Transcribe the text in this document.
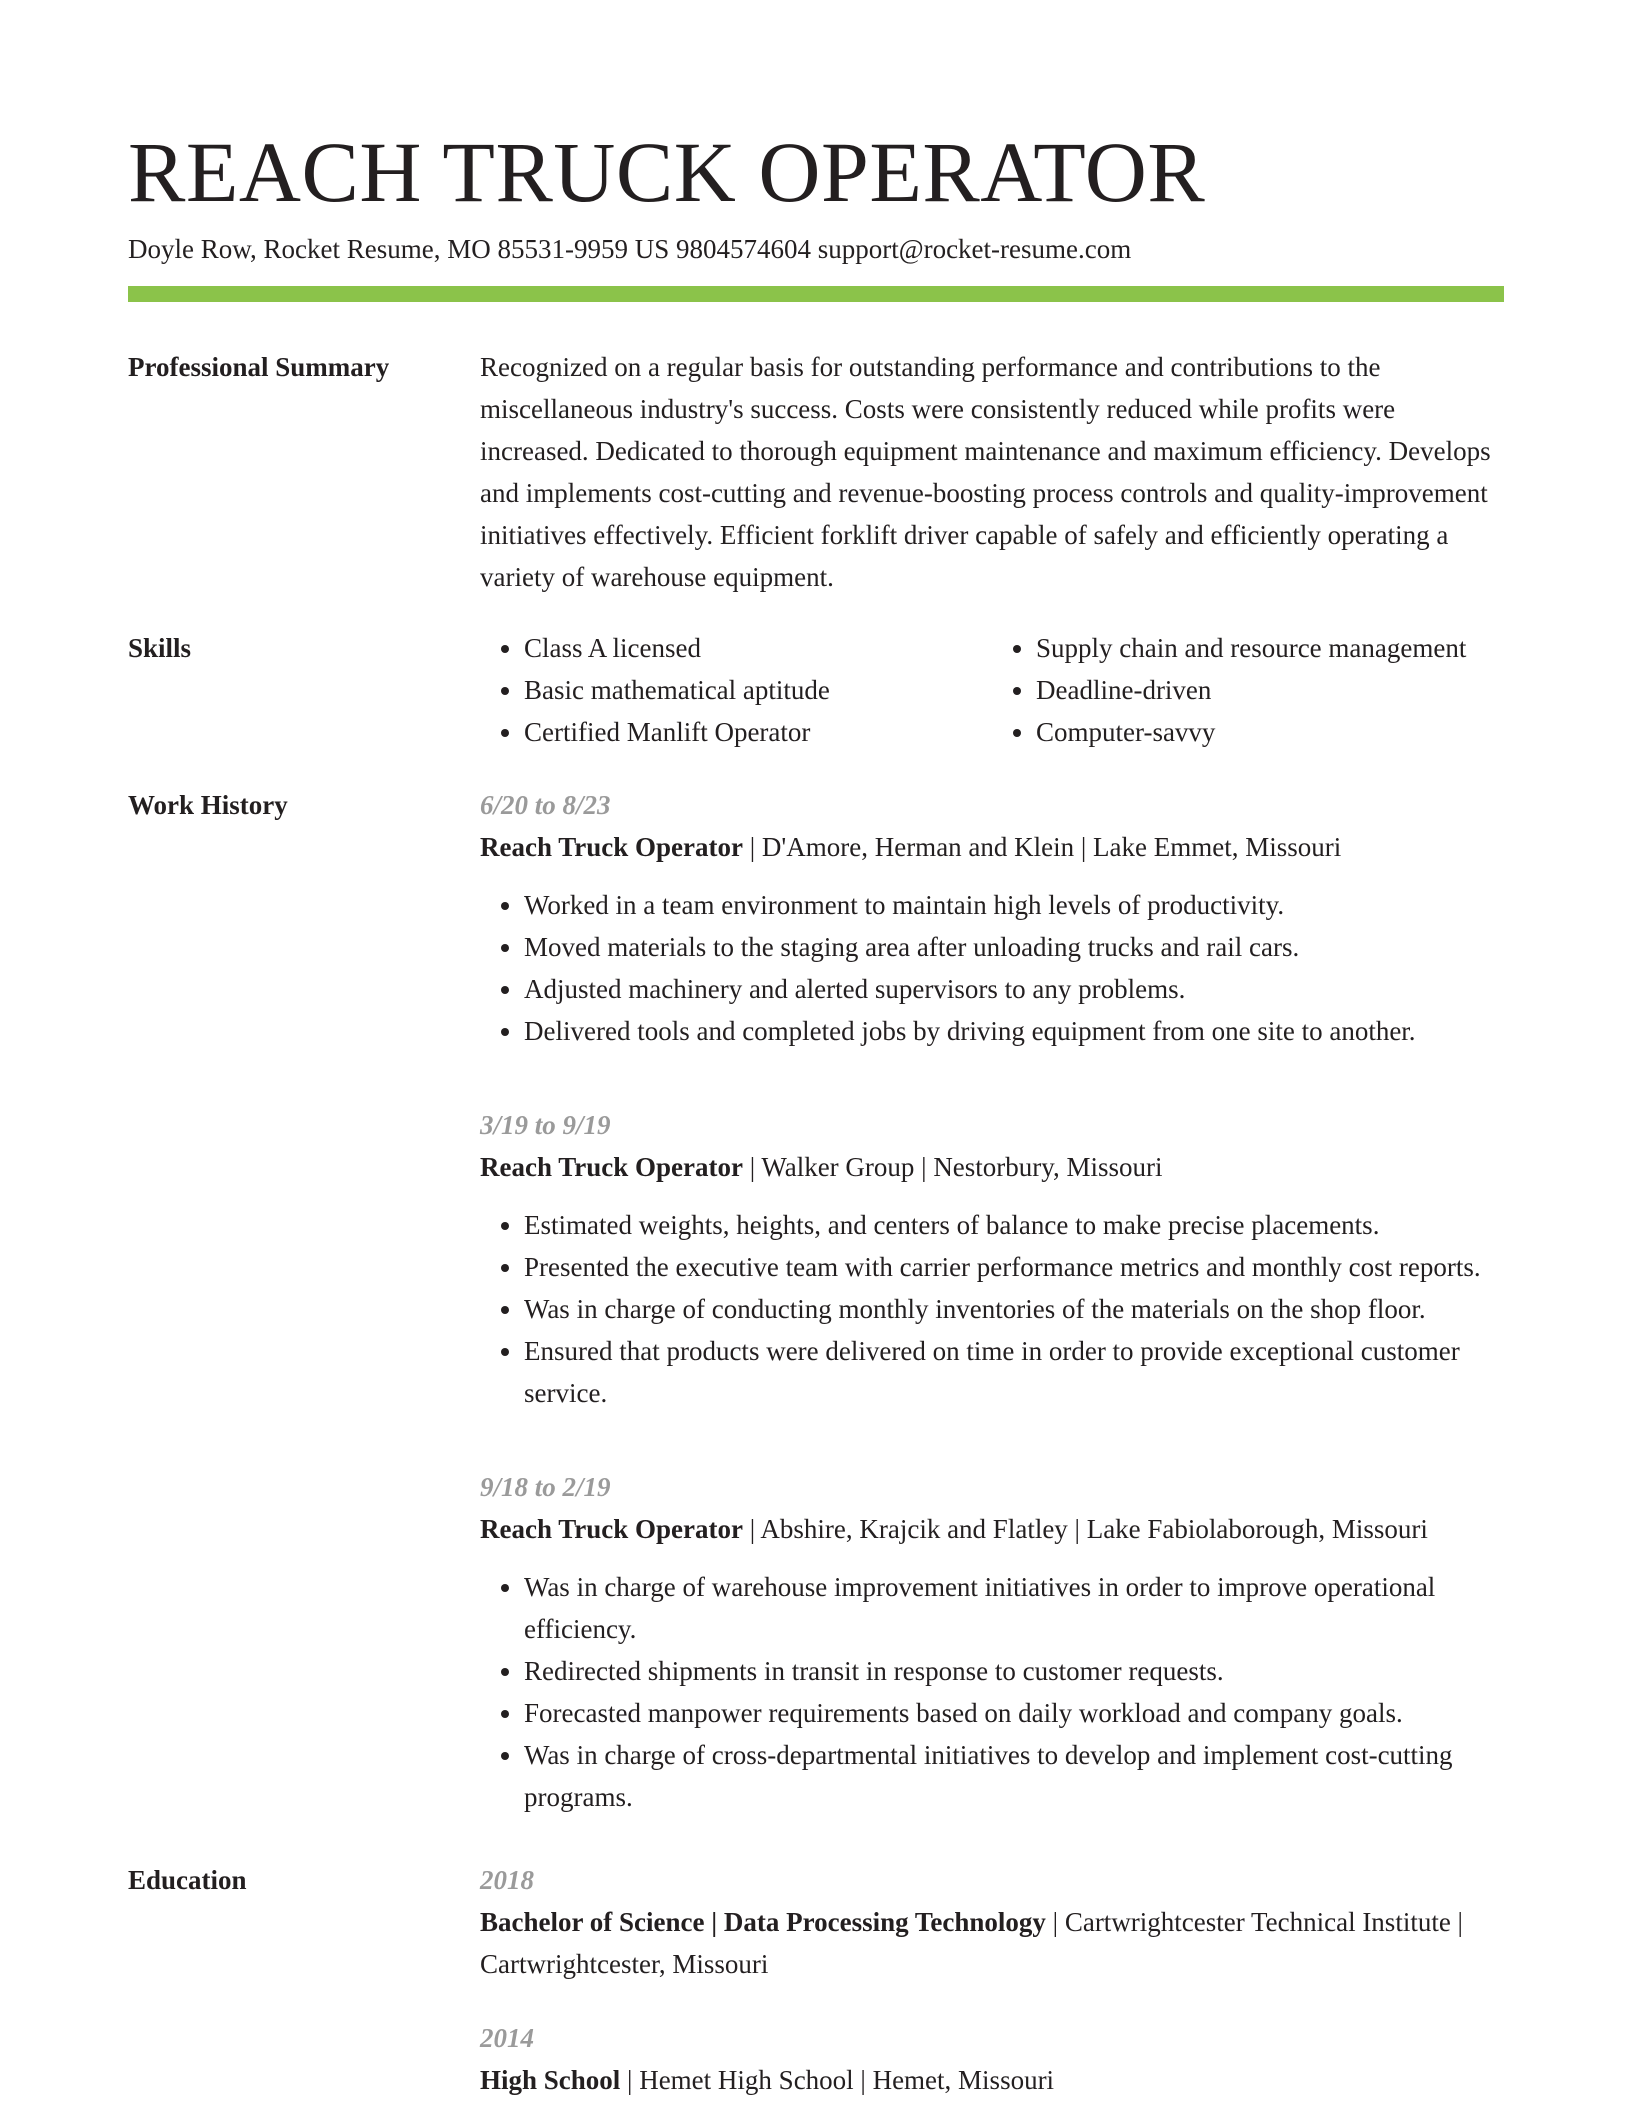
REACH TRUCK OPERATOR
Doyle Row, Rocket Resume, MO 85531-9959 US 9804574604 support@rocket-resume.com
Professional Summary	Recognized on a regular basis for outstanding performance and contributions to the miscellaneous industry's success. Costs were consistently reduced while profits were increased. Dedicated to thorough equipment maintenance and maximum efficiency. Develops and implements cost-cutting and revenue-boosting process controls and quality-improvement initiatives effectively. Efficient forklift driver capable of safely and efficiently operating a variety of warehouse equipment.

Skills
•	Class A licensed
• Basic mathematical aptitude
• Certified Manlift Operator
• Supply chain and resource management
• Deadline-driven
• Computer-savvy
Work History	6/20 to 8/23
Reach Truck Operator | D'Amore, Herman and Klein | Lake Emmet, Missouri
• Worked in a team environment to maintain high levels of productivity.
• Moved materials to the staging area after unloading trucks and rail cars.
• Adjusted machinery and alerted supervisors to any problems.
• Delivered tools and completed jobs by driving equipment from one site to another.
3/19 to 9/19
Reach Truck Operator | Walker Group | Nestorbury, Missouri
• Estimated weights, heights, and centers of balance to make precise placements.
• Presented the executive team with carrier performance metrics and monthly cost reports.
• Was in charge of conducting monthly inventories of the materials on the shop floor.
• Ensured that products were delivered on time in order to provide exceptional customer service.
9/18 to 2/19
Reach Truck Operator | Abshire, Krajcik and Flatley | Lake Fabiolaborough, Missouri
• Was in charge of warehouse improvement initiatives in order to improve operational efficiency.
• Redirected shipments in transit in response to customer requests.
• Forecasted manpower requirements based on daily workload and company goals.
• Was in charge of cross-departmental initiatives to develop and implement cost-cutting programs.
Education	2018
Bachelor of Science | Data Processing Technology | Cartwrightcester Technical Institute | Cartwrightcester, Missouri
2014
High School | Hemet High School | Hemet, Missouri
